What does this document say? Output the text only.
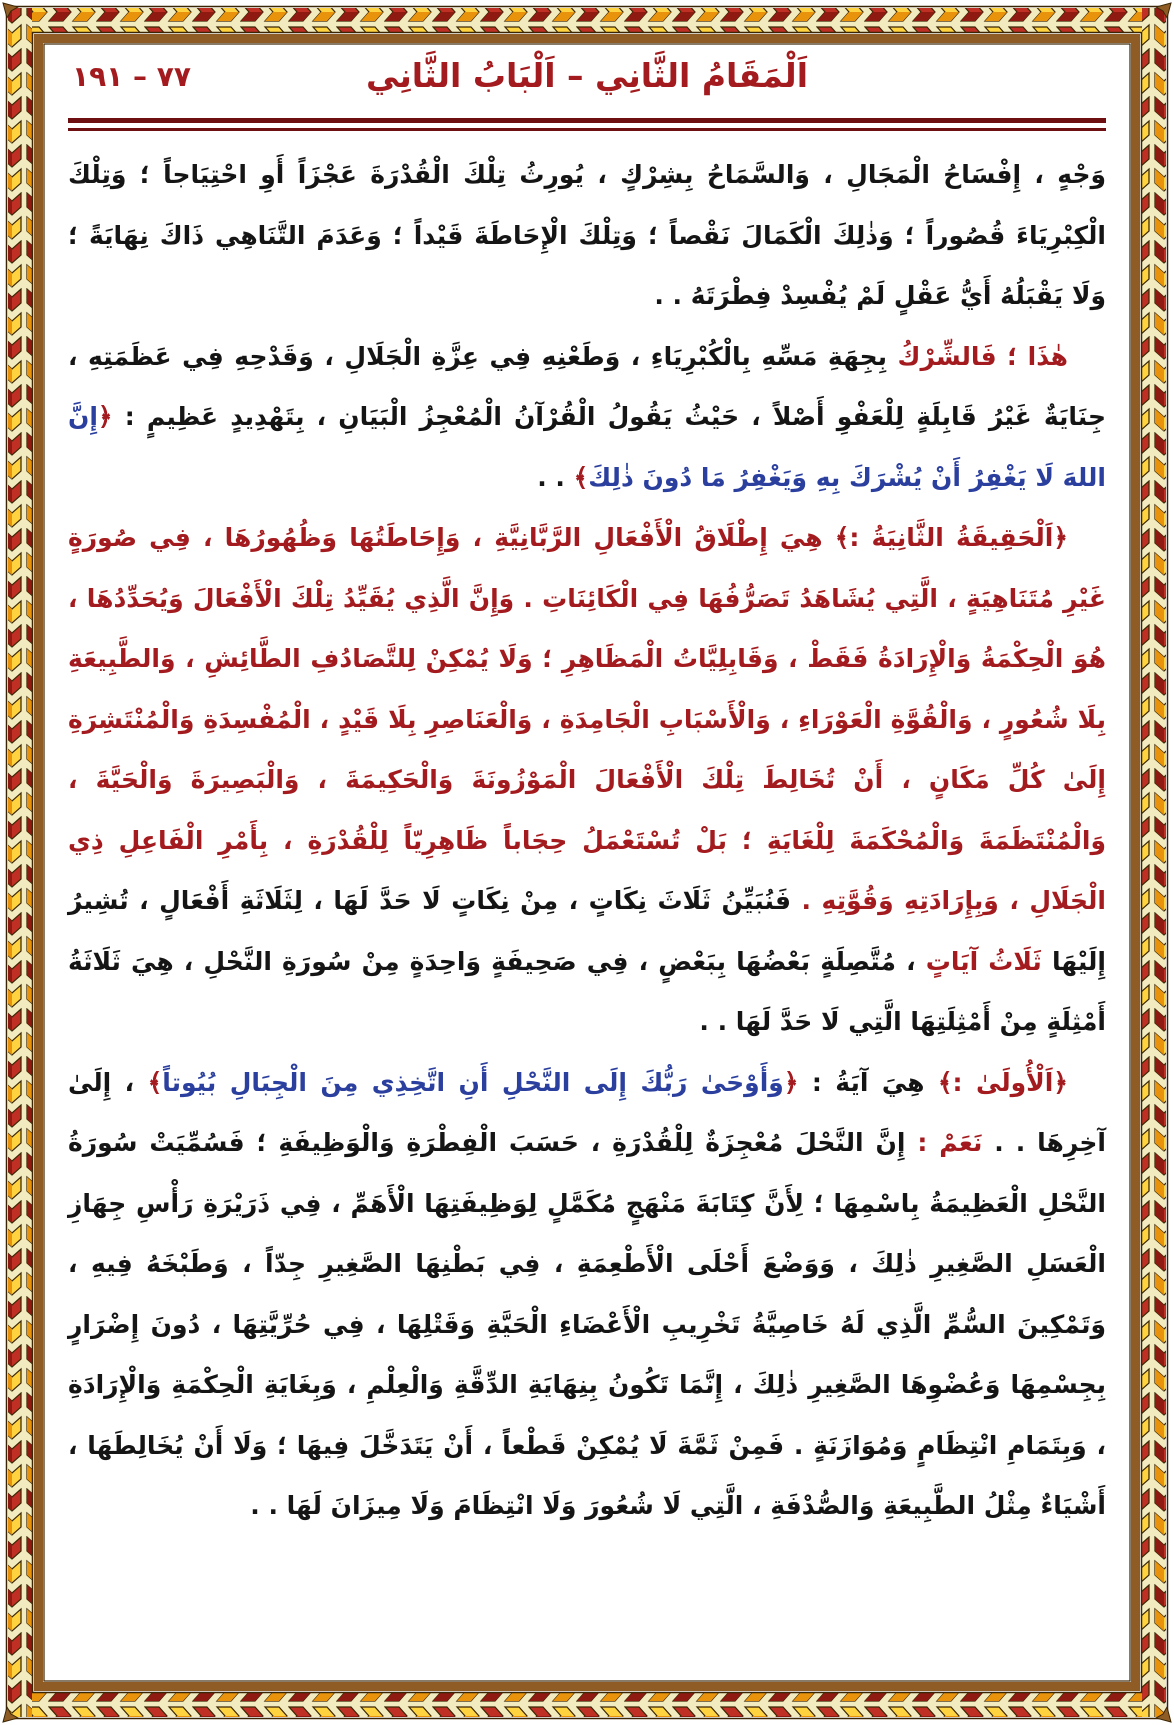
٧٧ – ١٩١	اَلْمَقَامُ الثَّانِي – اَلْبَابُ الثَّانِي

وَجْهٍ ، إِفْسَاحُ الْمَجَالِ ، وَالسَّمَاحُ بِشِرْكٍ ، يُورِثُ تِلْكَ الْقُدْرَةَ عَجْزَاً أَوِ احْتِيَاجاً ؛ وَتِلْكَ الْكِبْرِيَاءَ قُصُوراً ؛ وَذٰلِكَ الْكَمَالَ نَقْصاً ؛ وَتِلْكَ الْإِحَاطَةَ قَيْداً ؛ وَعَدَمَ التَّنَاهِي ذَاكَ نِهَايَةً ؛ وَلَا يَقْبَلُهُ أَيُّ عَقْلٍ لَمْ يُفْسِدْ فِطْرَتَهُ . .

هٰذَا ؛ فَالشِّرْكُ بِجِهَةِ مَسِّهِ بِالْكُبْرِيَاءِ ، وَطَعْنِهِ فِي عِزَّةِ الْجَلَالِ ، وَقَدْحِهِ فِي عَظَمَتِهِ ، جِنَايَةٌ غَيْرُ قَابِلَةٍ لِلْعَفْوِ أَصْلاً ، حَيْثُ يَقُولُ الْقُرْآنُ الْمُعْجِزُ الْبَيَانِ ، بِتَهْدِيدٍ عَظِيمٍ : ﴿إِنَّ اللهَ لَا يَغْفِرُ أَنْ يُشْرَكَ بِهِ وَيَغْفِرُ مَا دُونَ ذٰلِكَ﴾ . .

﴿اَلْحَقِيقَةُ الثَّانِيَةُ :﴾ هِيَ إِطْلَاقُ الْأَفْعَالِ الرَّبَّانِيَّةِ ، وَإِحَاطَتُهَا وَظُهُورُهَا ، فِي صُورَةٍ غَيْرِ مُتَنَاهِيَةٍ ، الَّتِي يُشَاهَدُ تَصَرُّفُهَا فِي الْكَائِنَاتِ . وَإِنَّ الَّذِي يُقَيِّدُ تِلْكَ الْأَفْعَالَ وَيُحَدِّدُهَا ، هُوَ الْحِكْمَةُ وَالْإِرَادَةُ فَقَطْ ، وَقَابِلِيَّاتُ الْمَظَاهِرِ ؛ وَلَا يُمْكِنْ لِلتَّصَادُفِ الطَّائِشِ ، وَالطَّبِيعَةِ بِلَا شُعُورٍ ، وَالْقُوَّةِ الْعَوْرَاءِ ، وَالْأَسْبَابِ الْجَامِدَةِ ، وَالْعَنَاصِرِ بِلَا قَيْدٍ ، الْمُفْسِدَةِ وَالْمُنْتَشِرَةِ إِلَىٰ كُلِّ مَكَانٍ ، أَنْ تُخَالِطَ تِلْكَ الْأَفْعَالَ الْمَوْزُونَةَ وَالْحَكِيمَةَ ، وَالْبَصِيرَةَ وَالْحَيَّةَ ، وَالْمُنْتَظَمَةَ وَالْمُحْكَمَةَ لِلْغَايَةِ ؛ بَلْ تُسْتَعْمَلُ حِجَاباً ظَاهِرِيّاً لِلْقُدْرَةِ ، بِأَمْرِ الْفَاعِلِ ذِي الْجَلَالِ ، وَبِإِرَادَتِهِ وَقُوَّتِهِ . فَنُبَيِّنُ ثَلَاثَ نِكَاتٍ ، مِنْ نِكَاتٍ لَا حَدَّ لَهَا ، لِثَلَاثَةِ أَفْعَالٍ ، تُشِيرُ إِلَيْهَا ثَلَاثُ آيَاتٍ ، مُتَّصِلَةٍ بَعْضُهَا بِبَعْضٍ ، فِي صَحِيفَةٍ وَاحِدَةٍ مِنْ سُورَةِ النَّحْلِ ، هِيَ ثَلَاثَةُ أَمْثِلَةٍ مِنْ أَمْثِلَتِهَا الَّتِي لَا حَدَّ لَهَا . .

﴿اَلْأُولَىٰ :﴾ هِيَ آيَةُ : ﴿وَأَوْحَىٰ رَبُّكَ إِلَى النَّحْلِ أَنِ اتَّخِذِي مِنَ الْجِبَالِ بُيُوتاً﴾ ، إِلَىٰ آخِرِهَا . . نَعَمْ : إِنَّ النَّحْلَ مُعْجِزَةٌ لِلْقُدْرَةِ ، حَسَبَ الْفِطْرَةِ وَالْوَظِيفَةِ ؛ فَسُمِّيَتْ سُورَةُ النَّحْلِ الْعَظِيمَةُ بِاسْمِهَا ؛ لِأَنَّ كِتَابَةَ مَنْهَجٍ مُكَمَّلٍ لِوَظِيفَتِهَا الْأَهَمِّ ، فِي ذَرَيْرَةِ رَأْسِ جِهَازِ الْعَسَلِ الصَّغِيرِ ذٰلِكَ ، وَوَضْعَ أَحْلَى الْأَطْعِمَةِ ، فِي بَطْنِهَا الصَّغِيرِ جِدّاً ، وَطَبْخَهُ فِيهِ ، وَتَمْكِينَ السُّمِّ الَّذِي لَهُ خَاصِيَّةُ تَخْرِيبِ الْأَعْضَاءِ الْحَيَّةِ وَقَتْلِهَا ، فِي حُرِّيَّتِهَا ، دُونَ إِضْرَارٍ بِجِسْمِهَا وَعُضْوِهَا الصَّغِيرِ ذٰلِكَ ، إِنَّمَا تَكُونُ بِنِهَايَةِ الدِّقَّةِ وَالْعِلْمِ ، وَبِغَايَةِ الْحِكْمَةِ وَالْإِرَادَةِ ، وَبِتَمَامِ انْتِظَامٍ وَمُوَازَنَةٍ . فَمِنْ ثَمَّةَ لَا يُمْكِنْ قَطْعاً ، أَنْ يَتَدَخَّلَ فِيهَا ؛ وَلَا أَنْ يُخَالِطَهَا ، أَشْيَاءٌ مِثْلُ الطَّبِيعَةِ وَالصُّدْفَةِ ، الَّتِي لَا شُعُورَ وَلَا انْتِظَامَ وَلَا مِيزَانَ لَهَا . .
